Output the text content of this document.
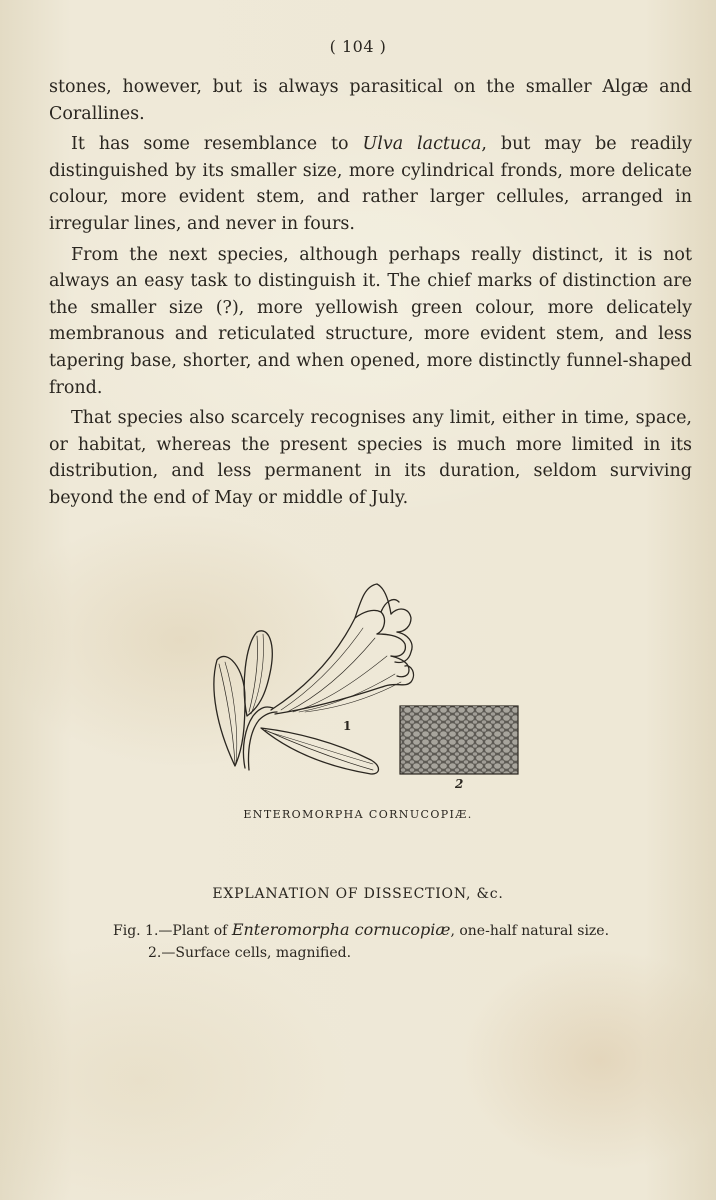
( 104 )

stones, however, but is always parasitical on the smaller Algæ and Corallines.

It has some resemblance to Ulva lactuca, but may be readily distinguished by its smaller size, more cylindrical fronds, more delicate colour, more evident stem, and rather larger cellules, arranged in irregular lines, and never in fours.

From the next species, although perhaps really distinct, it is not always an easy task to distinguish it. The chief marks of distinction are the smaller size (?), more yellowish green colour, more delicately membranous and reticulated structure, more evident stem, and less tapering base, shorter, and when opened, more distinctly funnel-shaped frond.

That species also scarcely recognises any limit, either in time, space, or habitat, whereas the present species is much more limited in its distribution, and less permanent in its duration, seldom surviving beyond the end of May or middle of July.

1
2
ENTEROMORPHA CORNUCOPIÆ.
EXPLANATION OF DISSECTION, &c.
Fig. 1.—Plant of Enteromorpha cornucopiæ, one-half natural size.
2.—Surface cells, magnified.
